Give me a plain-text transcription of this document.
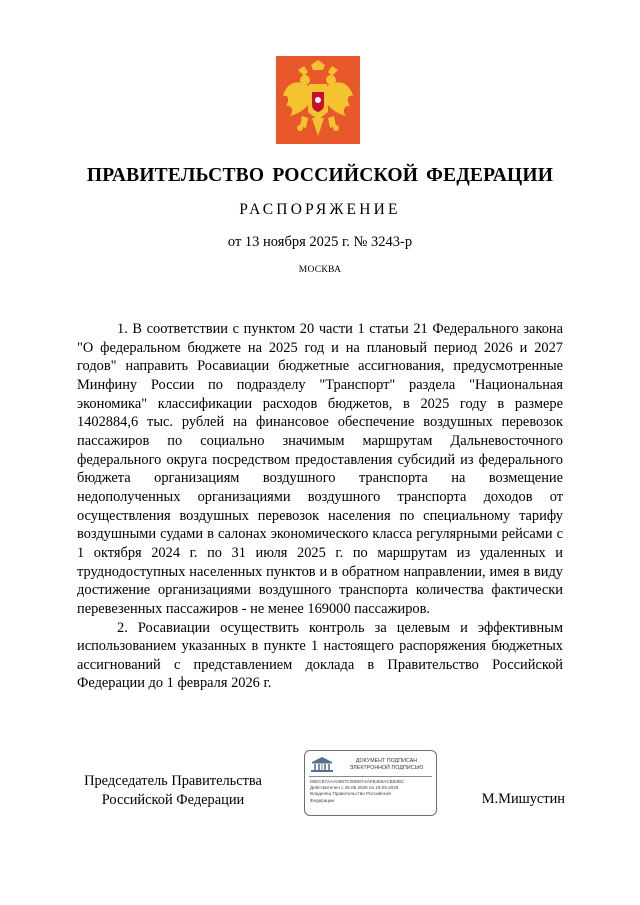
ПРАВИТЕЛЬСТВО РОССИЙСКОЙ ФЕДЕРАЦИИ
РАСПОРЯЖЕНИЕ
от 13 ноября 2025 г. № 3243-р
МОСКВА

1. В соответствии с пунктом 20 части 1 статьи 21 Федерального закона "О федеральном бюджете на 2025 год и на плановый период 2026 и 2027 годов" направить Росавиации бюджетные ассигнования, предусмотренные Минфину России по подразделу "Транспорт" раздела "Национальная экономика" классификации расходов бюджетов, в 2025 году в размере 1402884,6 тыс. рублей на финансовое обеспечение воздушных перевозок пассажиров по социально значимым маршрутам Дальневосточного федерального округа посредством предоставления субсидий из федерального бюджета организациям воздушного транспорта на возмещение недополученных организациями воздушного транспорта доходов от осуществления воздушных перевозок населения по специальному тарифу воздушными судами в салонах экономического класса регулярными рейсами с 1 октября 2024 г. по 31 июля 2025 г. по маршрутам из удаленных и труднодоступных населенных пунктов и в обратном направлении, имея в виду достижение организациями воздушного транспорта количества фактически перевезенных пассажиров - не менее 169000 пассажиров.

2. Росавиации осуществить контроль за целевым и эффективным использованием указанных в пункте 1 настоящего распоряжения бюджетных ассигнований с представлением доклада в Правительство Российской Федерации до 1 февраля 2026 г.

Председатель Правительства
Российской Федерации
ДОКУМЕНТ ПОДПИСАН
ЭЛЕКТРОННОЙ ПОДПИСЬЮ
00ECB7AAA0997C00DEF4AFB469ACB83BC
Действителен с 26.06.2025 по 19.09.2026
Владелец Правительство Российской
Федерации	М.Мишустин
